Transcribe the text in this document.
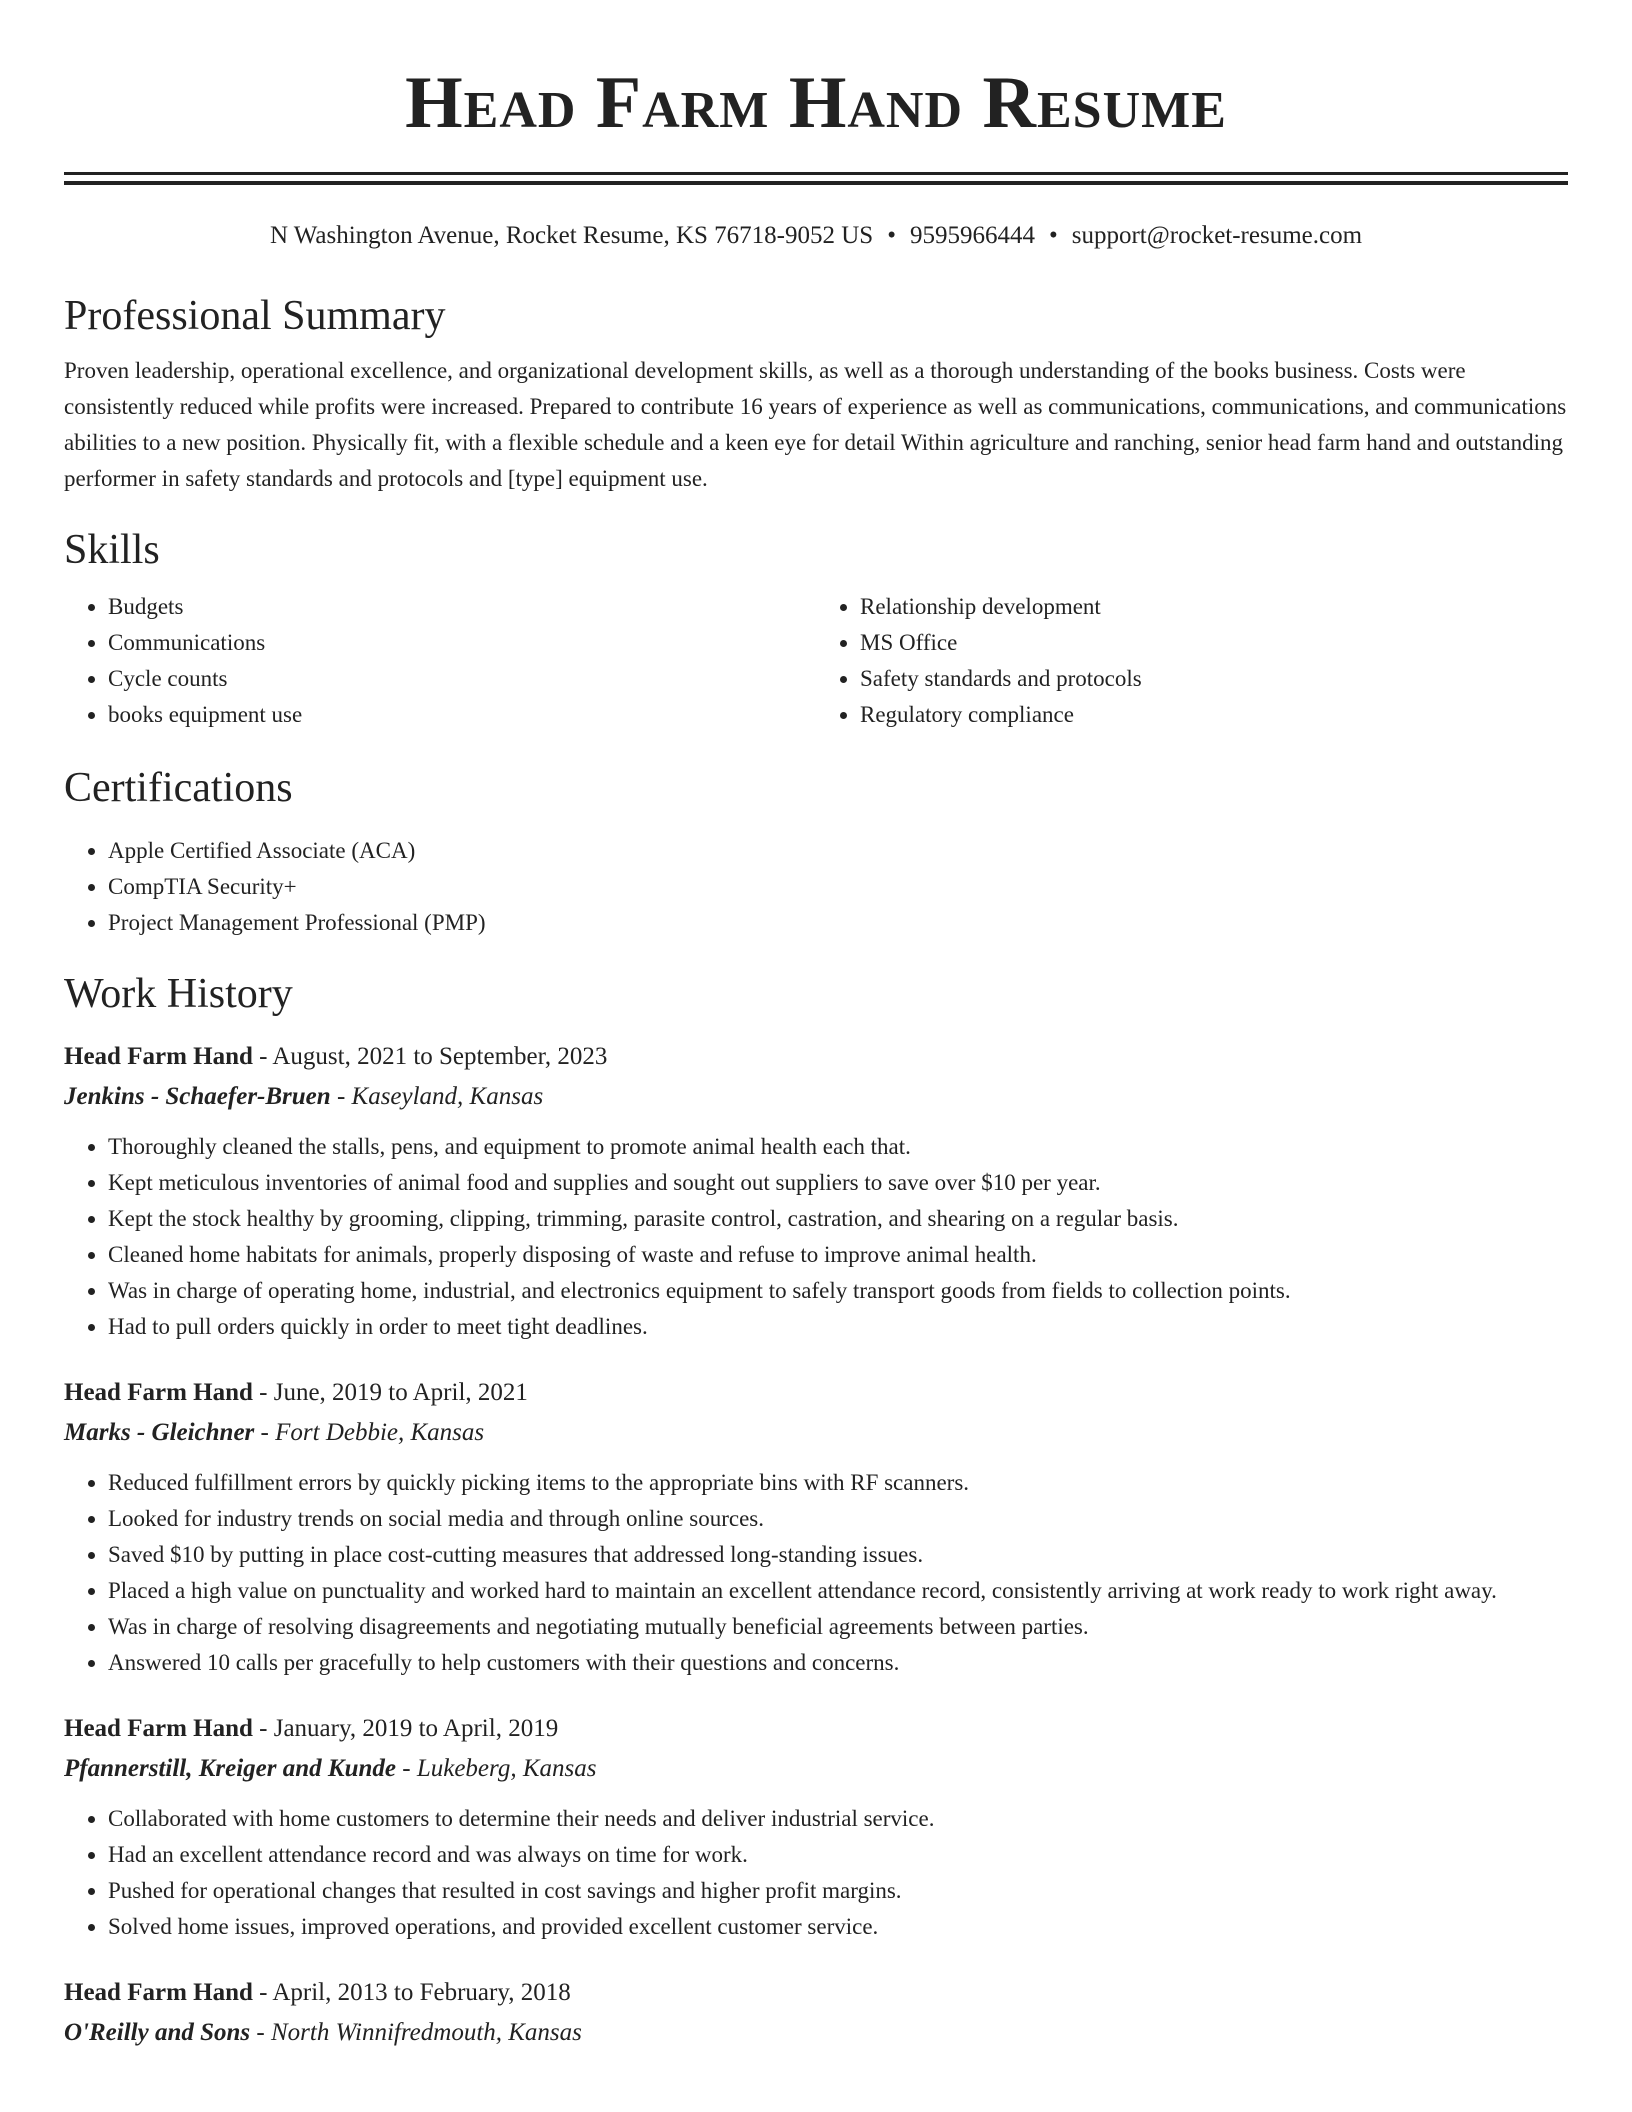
Head Farm Hand Resume
N Washington Avenue, Rocket Resume, KS 76718-9052 US • 9595966444 • support@rocket-resume.com
Professional Summary

Proven leadership, operational excellence, and organizational development skills, as well as a thorough understanding of the books business. Costs were consistently reduced while profits were increased. Prepared to contribute 16 years of experience as well as communications, communications, and communications abilities to a new position. Physically fit, with a flexible schedule and a keen eye for detail Within agriculture and ranching, senior head farm hand and outstanding performer in safety standards and protocols and [type] equipment use.

Skills
• Budgets
• Communications
• Cycle counts
• books equipment use
• Relationship development
• MS Office
• Safety standards and protocols
• Regulatory compliance
Certifications
• Apple Certified Associate (ACA)
• CompTIA Security+
• Project Management Professional (PMP)
Work History
Head Farm Hand - August, 2021 to September, 2023
Jenkins - Schaefer-Bruen - Kaseyland, Kansas
• Thoroughly cleaned the stalls, pens, and equipment to promote animal health each that.
• Kept meticulous inventories of animal food and supplies and sought out suppliers to save over $10 per year.
• Kept the stock healthy by grooming, clipping, trimming, parasite control, castration, and shearing on a regular basis.
• Cleaned home habitats for animals, properly disposing of waste and refuse to improve animal health.
• Was in charge of operating home, industrial, and electronics equipment to safely transport goods from fields to collection points.
• Had to pull orders quickly in order to meet tight deadlines.
Head Farm Hand - June, 2019 to April, 2021
Marks - Gleichner - Fort Debbie, Kansas
• Reduced fulfillment errors by quickly picking items to the appropriate bins with RF scanners.
• Looked for industry trends on social media and through online sources.
• Saved $10 by putting in place cost-cutting measures that addressed long-standing issues.
• Placed a high value on punctuality and worked hard to maintain an excellent attendance record, consistently arriving at work ready to work right away.
• Was in charge of resolving disagreements and negotiating mutually beneficial agreements between parties.
• Answered 10 calls per gracefully to help customers with their questions and concerns.
Head Farm Hand - January, 2019 to April, 2019
Pfannerstill, Kreiger and Kunde - Lukeberg, Kansas
• Collaborated with home customers to determine their needs and deliver industrial service.
• Had an excellent attendance record and was always on time for work.
• Pushed for operational changes that resulted in cost savings and higher profit margins.
• Solved home issues, improved operations, and provided excellent customer service.
Head Farm Hand - April, 2013 to February, 2018
O'Reilly and Sons - North Winnifredmouth, Kansas
